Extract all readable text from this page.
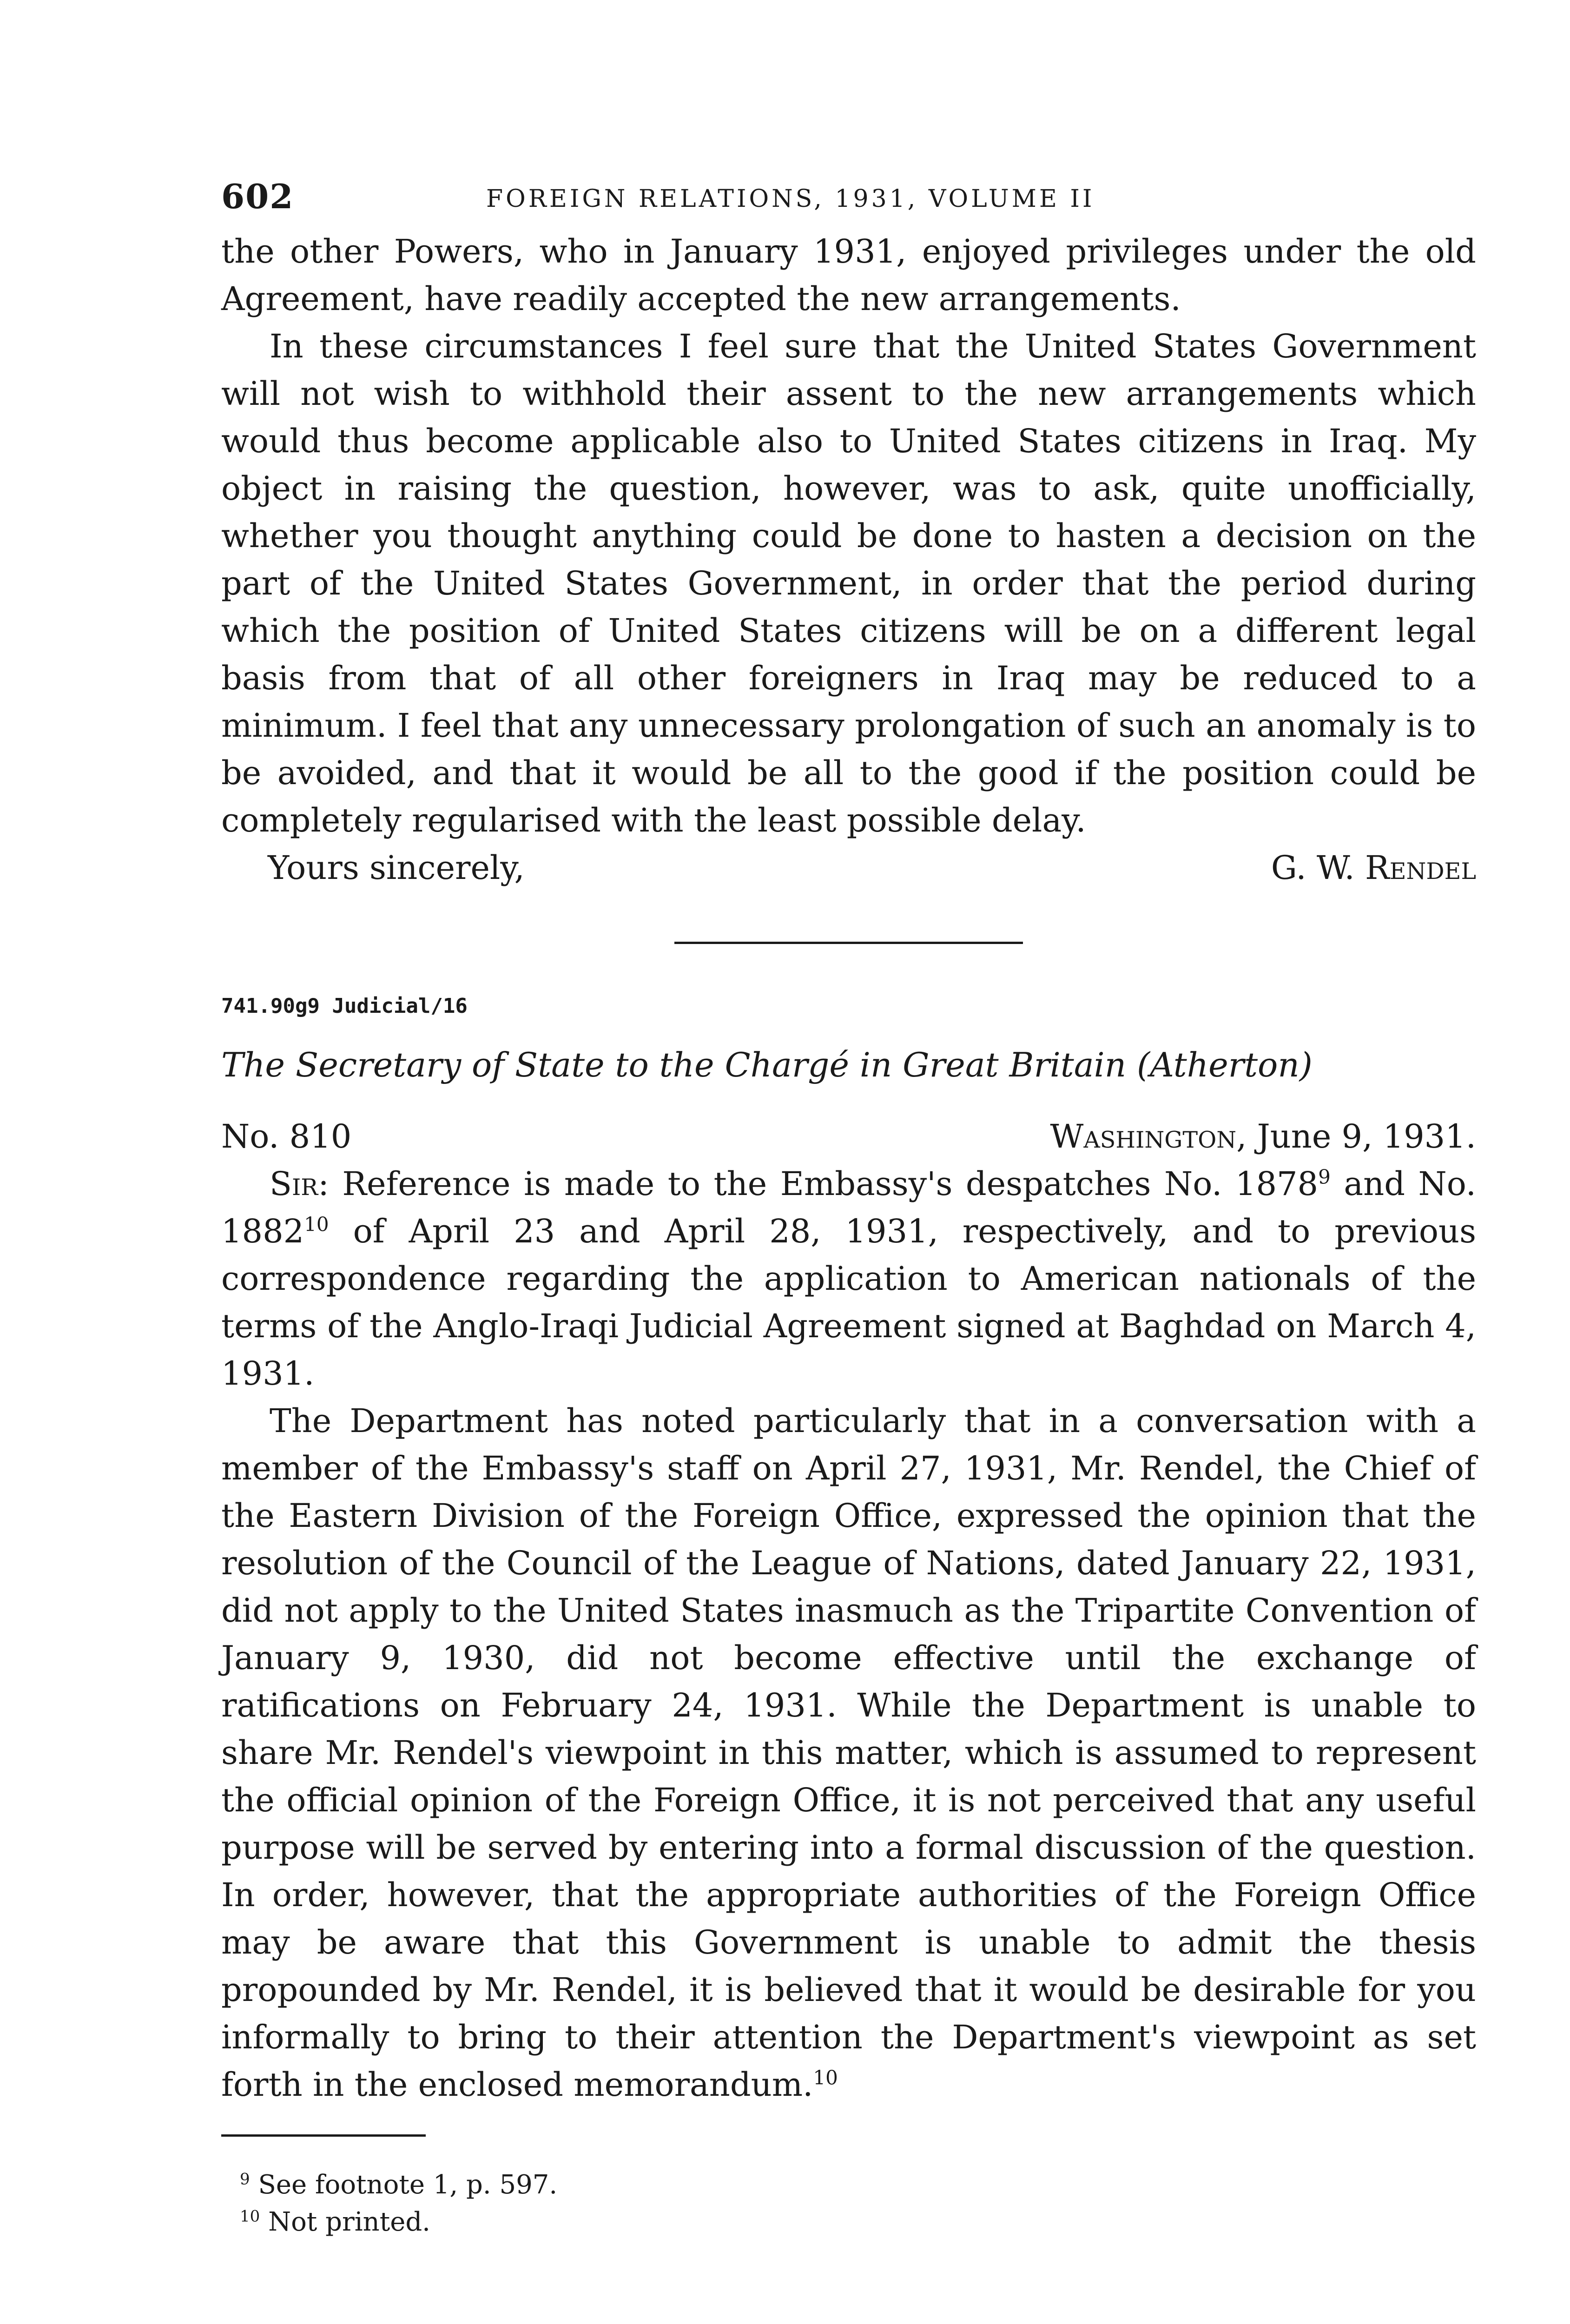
602	FOREIGN RELATIONS, 1931, VOLUME II

the other Powers, who in January 1931, enjoyed privileges under the old Agreement, have readily accepted the new arrangements.

In these circumstances I feel sure that the United States Government will not wish to withhold their assent to the new arrangements which would thus become applicable also to United States citizens in Iraq. My object in raising the question, however, was to ask, quite unofficially, whether you thought anything could be done to hasten a decision on the part of the United States Government, in order that the period during which the position of United States citizens will be on a different legal basis from that of all other foreigners in Iraq may be reduced to a minimum. I feel that any unnecessary prolongation of such an anomaly is to be avoided, and that it would be all to the good if the position could be completely regularised with the least possible delay.

Yours sincerely,	G. W. Rendel
741.90g9 Judicial/16
The Secretary of State to the Chargé in Great Britain (Atherton)
No. 810	Washington, June 9, 1931.

Sir: Reference is made to the Embassy's despatches No. 1878$^9$ and No. 1882$^{10}$ of April 23 and April 28, 1931, respectively, and to previous correspondence regarding the application to American nationals of the terms of the Anglo-Iraqi Judicial Agreement signed at Baghdad on March 4, 1931.

The Department has noted particularly that in a conversation with a member of the Embassy's staff on April 27, 1931, Mr. Rendel, the Chief of the Eastern Division of the Foreign Office, expressed the opinion that the resolution of the Council of the League of Nations, dated January 22, 1931, did not apply to the United States inasmuch as the Tripartite Convention of January 9, 1930, did not become effective until the exchange of ratifications on February 24, 1931. While the Department is unable to share Mr. Rendel's viewpoint in this matter, which is assumed to represent the official opinion of the Foreign Office, it is not perceived that any useful purpose will be served by entering into a formal discussion of the question. In order, however, that the appropriate authorities of the Foreign Office may be aware that this Government is unable to admit the thesis propounded by Mr. Rendel, it is believed that it would be desirable for you informally to bring to their attention the Department's viewpoint as set forth in the enclosed memorandum.$^{10}$

$^9$ See footnote 1, p. 597.
$^{10}$ Not printed.
